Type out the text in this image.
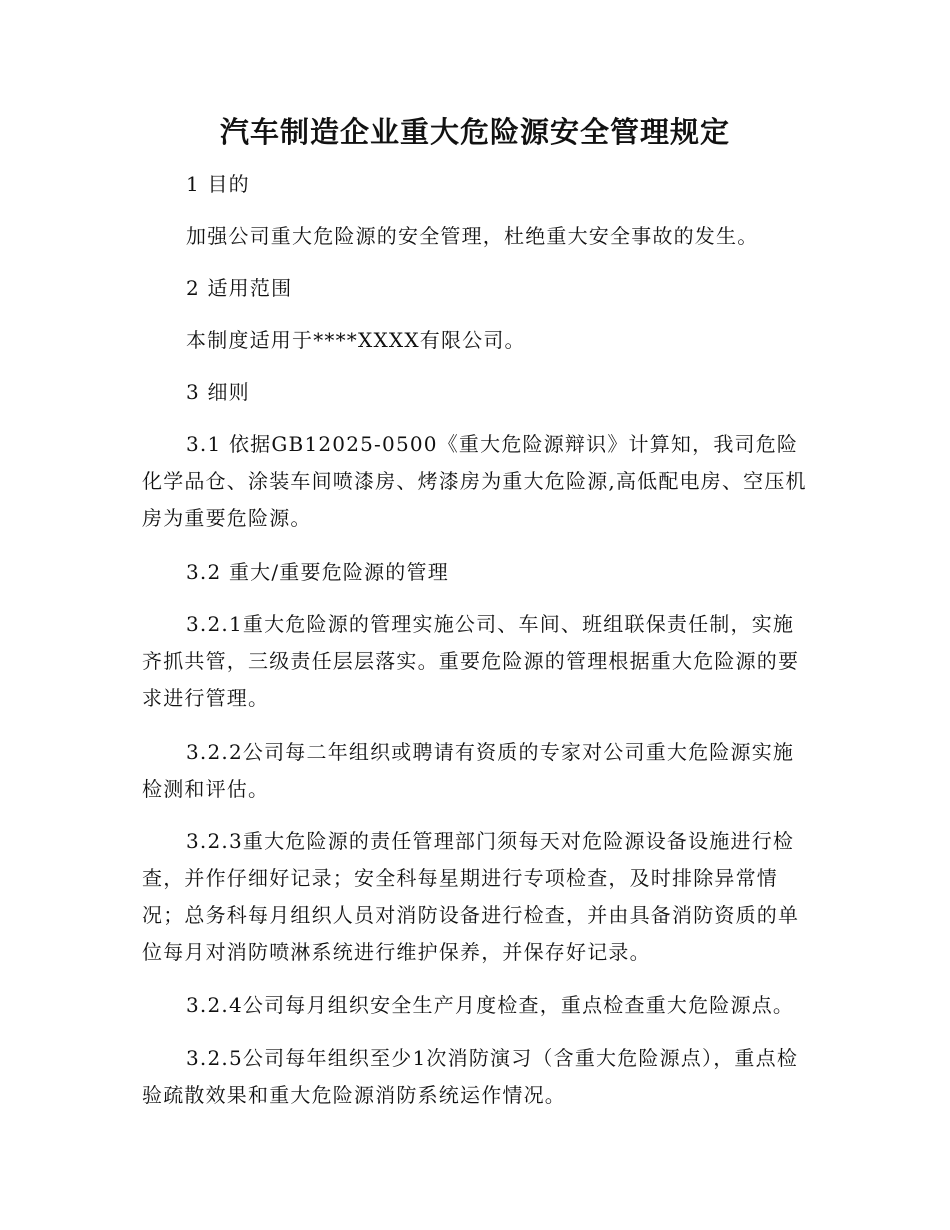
汽车制造企业重大危险源安全管理规定

1 目的

加强公司重大危险源的安全管理，杜绝重大安全事故的发生。

2 适用范围

本制度适用于****XXXX有限公司。

3 细则

3.1 依据GB12025-0500《重大危险源辩识》计算知，我司危险化学品仓、涂装车间喷漆房、烤漆房为重大危险源,高低配电房、空压机房为重要危险源。

3.2 重大/重要危险源的管理

3.2.1重大危险源的管理实施公司、车间、班组联保责任制，实施齐抓共管，三级责任层层落实。重要危险源的管理根据重大危险源的要求进行管理。

3.2.2公司每二年组织或聘请有资质的专家对公司重大危险源实施检测和评估。

3.2.3重大危险源的责任管理部门须每天对危险源设备设施进行检查，并作仔细好记录；安全科每星期进行专项检查，及时排除异常情况；总务科每月组织人员对消防设备进行检查，并由具备消防资质的单位每月对消防喷淋系统进行维护保养，并保存好记录。

3.2.4公司每月组织安全生产月度检查，重点检查重大危险源点。

3.2.5公司每年组织至少1次消防演习（含重大危险源点），重点检验疏散效果和重大危险源消防系统运作情况。
